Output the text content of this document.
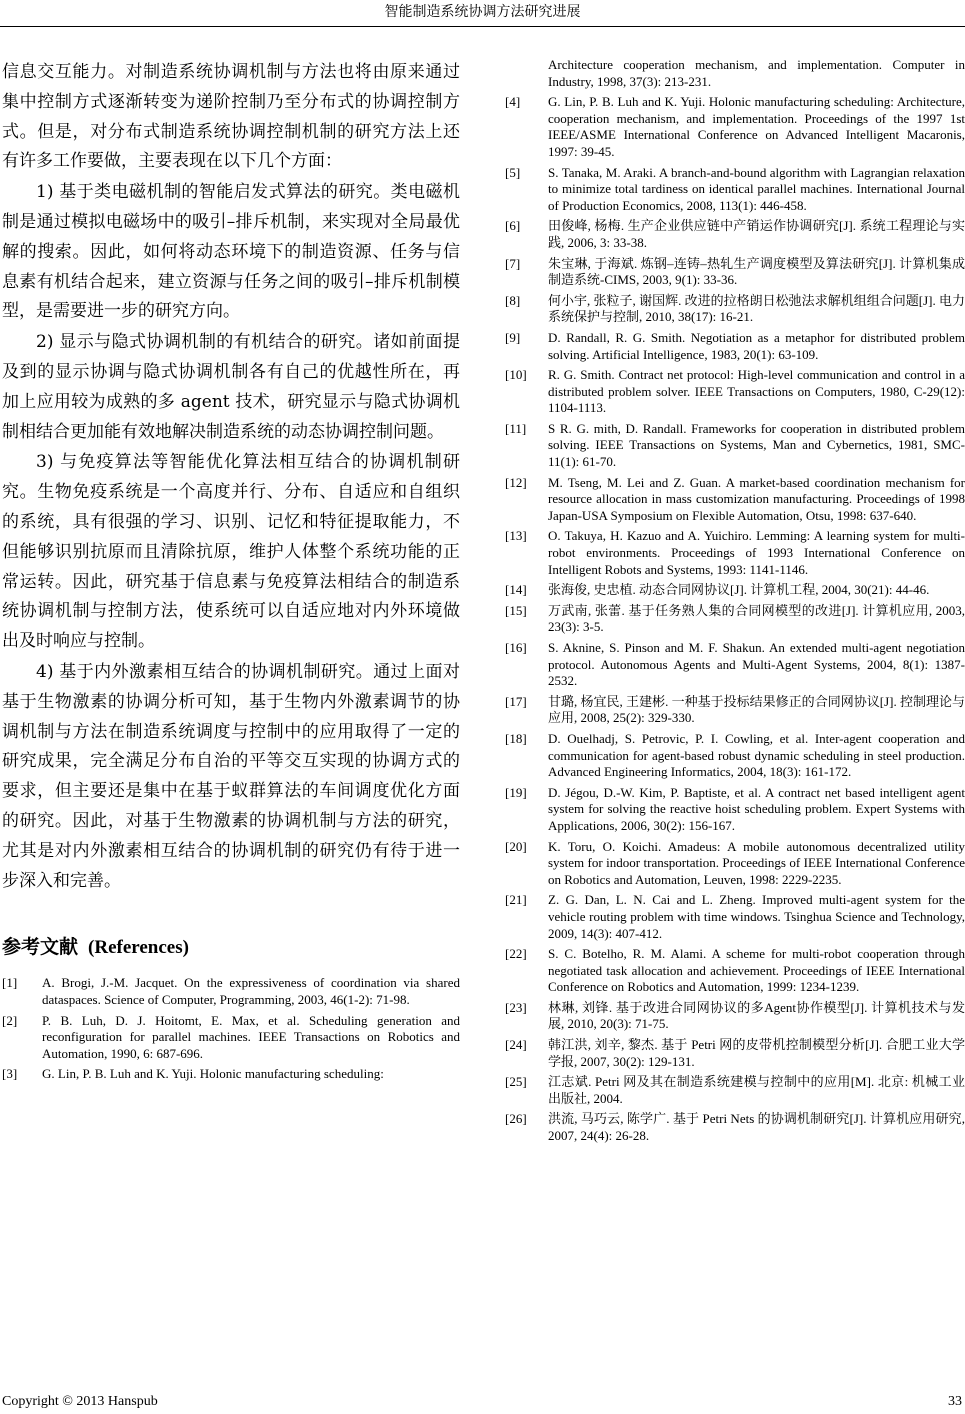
智能制造系统协调方法研究进展

信息交互能力。对制造系统协调机制与方法也将由原来通过集中控制方式逐渐转变为递阶控制乃至分布式的协调控制方式。但是，对分布式制造系统协调控制机制的研究方法上还有许多工作要做，主要表现在以下几个方面：

1) 基于类电磁机制的智能启发式算法的研究。类电磁机制是通过模拟电磁场中的吸引–排斥机制，来实现对全局最优解的搜索。因此，如何将动态环境下的制造资源、任务与信息素有机结合起来，建立资源与任务之间的吸引–排斥机制模型，是需要进一步的研究方向。

2) 显示与隐式协调机制的有机结合的研究。诸如前面提及到的显示协调与隐式协调机制各有自己的优越性所在，再加上应用较为成熟的多 agent 技术，研究显示与隐式协调机制相结合更加能有效地解决制造系统的动态协调控制问题。

3) 与免疫算法等智能优化算法相互结合的协调机制研究。生物免疫系统是一个高度并行、分布、自适应和自组织的系统，具有很强的学习、识别、记忆和特征提取能力，不但能够识别抗原而且清除抗原，维护人体整个系统功能的正常运转。因此，研究基于信息素与免疫算法相结合的制造系统协调机制与控制方法，使系统可以自适应地对内外环境做出及时响应与控制。

4) 基于内外激素相互结合的协调机制研究。通过上面对基于生物激素的协调分析可知，基于生物内外激素调节的协调机制与方法在制造系统调度与控制中的应用取得了一定的研究成果，完全满足分布自治的平等交互实现的协调方式的要求，但主要还是集中在基于蚁群算法的车间调度优化方面的研究。因此，对基于生物激素的协调机制与方法的研究，尤其是对内外激素相互结合的协调机制的研究仍有待于进一步深入和完善。

参考文献 (References)
[1]	A. Brogi, J.-M. Jacquet. On the expressiveness of coordination via shared dataspaces. Science of Computer, Programming, 2003, 46(1-2): 71-98.
[2]	P. B. Luh, D. J. Hoitomt, E. Max, et al. Scheduling generation and reconfiguration for parallel machines. IEEE Transactions on Robotics and Automation, 1990, 6: 687-696.
[3]	G. Lin, P. B. Luh and K. Yuji. Holonic manufacturing scheduling:
Architecture cooperation mechanism, and implementation. Computer in Industry, 1998, 37(3): 213-231.
[4]	G. Lin, P. B. Luh and K. Yuji. Holonic manufacturing scheduling: Architecture, cooperation mechanism, and implementation. Proceedings of the 1997 1st IEEE/ASME International Conference on Advanced Intelligent Macaronis, 1997: 39-45.
[5]	S. Tanaka, M. Araki. A branch-and-bound algorithm with Lagrangian relaxation to minimize total tardiness on identical parallel machines. International Journal of Production Economics, 2008, 113(1): 446-458.
[6]	田俊峰, 杨梅. 生产企业供应链中产销运作协调研究[J]. 系统工程理论与实践, 2006, 3: 33-38.
[7]	朱宝琳, 于海斌. 炼钢–连铸–热轧生产调度模型及算法研究[J]. 计算机集成制造系统-CIMS, 2003, 9(1): 33-36.
[8]	何小宇, 张粒子, 谢国辉. 改进的拉格朗日松弛法求解机组组合问题[J]. 电力系统保护与控制, 2010, 38(17): 16-21.
[9]	D. Randall, R. G. Smith. Negotiation as a metaphor for distributed problem solving. Artificial Intelligence, 1983, 20(1): 63-109.
[10]	R. G. Smith. Contract net protocol: High-level communication and control in a distributed problem solver. IEEE Transactions on Computers, 1980, C-29(12): 1104-1113.
[11]	S R. G. mith, D. Randall. Frameworks for cooperation in distributed problem solving. IEEE Transactions on Systems, Man and Cybernetics, 1981, SMC-11(1): 61-70.
[12]	M. Tseng, M. Lei and Z. Guan. A market-based coordination mechanism for resource allocation in mass customization manufacturing. Proceedings of 1998 Japan-USA Symposium on Flexible Automation, Otsu, 1998: 637-640.
[13]	O. Takuya, H. Kazuo and A. Yuichiro. Lemming: A learning system for multi-robot environments. Proceedings of 1993 International Conference on Intelligent Robots and Systems, 1993: 1141-1146.
[14]	张海俊, 史忠植. 动态合同网协议[J]. 计算机工程, 2004, 30(21): 44-46.
[15]	万武南, 张蕾. 基于任务熟人集的合同网模型的改进[J]. 计算机应用, 2003, 23(3): 3-5.
[16]	S. Aknine, S. Pinson and M. F. Shakun. An extended multi-agent negotiation protocol. Autonomous Agents and Multi-Agent Systems, 2004, 8(1): 1387-2532.
[17]	甘璐, 杨宜民, 王建彬. 一种基于投标结果修正的合同网协议[J]. 控制理论与应用, 2008, 25(2): 329-330.
[18]	D. Ouelhadj, S. Petrovic, P. I. Cowling, et al. Inter-agent cooperation and communication for agent-based robust dynamic scheduling in steel production. Advanced Engineering Informatics, 2004, 18(3): 161-172.
[19]	D. Jégou, D.-W. Kim, P. Baptiste, et al. A contract net based intelligent agent system for solving the reactive hoist scheduling problem. Expert Systems with Applications, 2006, 30(2): 156-167.
[20]	K. Toru, O. Koichi. Amadeus: A mobile autonomous decentralized utility system for indoor transportation. Proceedings of IEEE International Conference on Robotics and Automation, Leuven, 1998: 2229-2235.
[21]	Z. G. Dan, L. N. Cai and L. Zheng. Improved multi-agent system for the vehicle routing problem with time windows. Tsinghua Science and Technology, 2009, 14(3): 407-412.
[22]	S. C. Botelho, R. M. Alami. A scheme for multi-robot cooperation through negotiated task allocation and achievement. Proceedings of IEEE International Conference on Robotics and Automation, 1999: 1234-1239.
[23]	林琳, 刘锋. 基于改进合同网协议的多Agent协作模型[J]. 计算机技术与发展, 2010, 20(3): 71-75.
[24]	韩江洪, 刘辛, 黎杰. 基于 Petri 网的皮带机控制模型分析[J]. 合肥工业大学学报, 2007, 30(2): 129-131.
[25]	江志斌. Petri 网及其在制造系统建模与控制中的应用[M]. 北京: 机械工业出版社, 2004.
[26]	洪流, 马巧云, 陈学广. 基于 Petri Nets 的协调机制研究[J]. 计算机应用研究, 2007, 24(4): 26-28.
Copyright © 2013 Hanspub	33
